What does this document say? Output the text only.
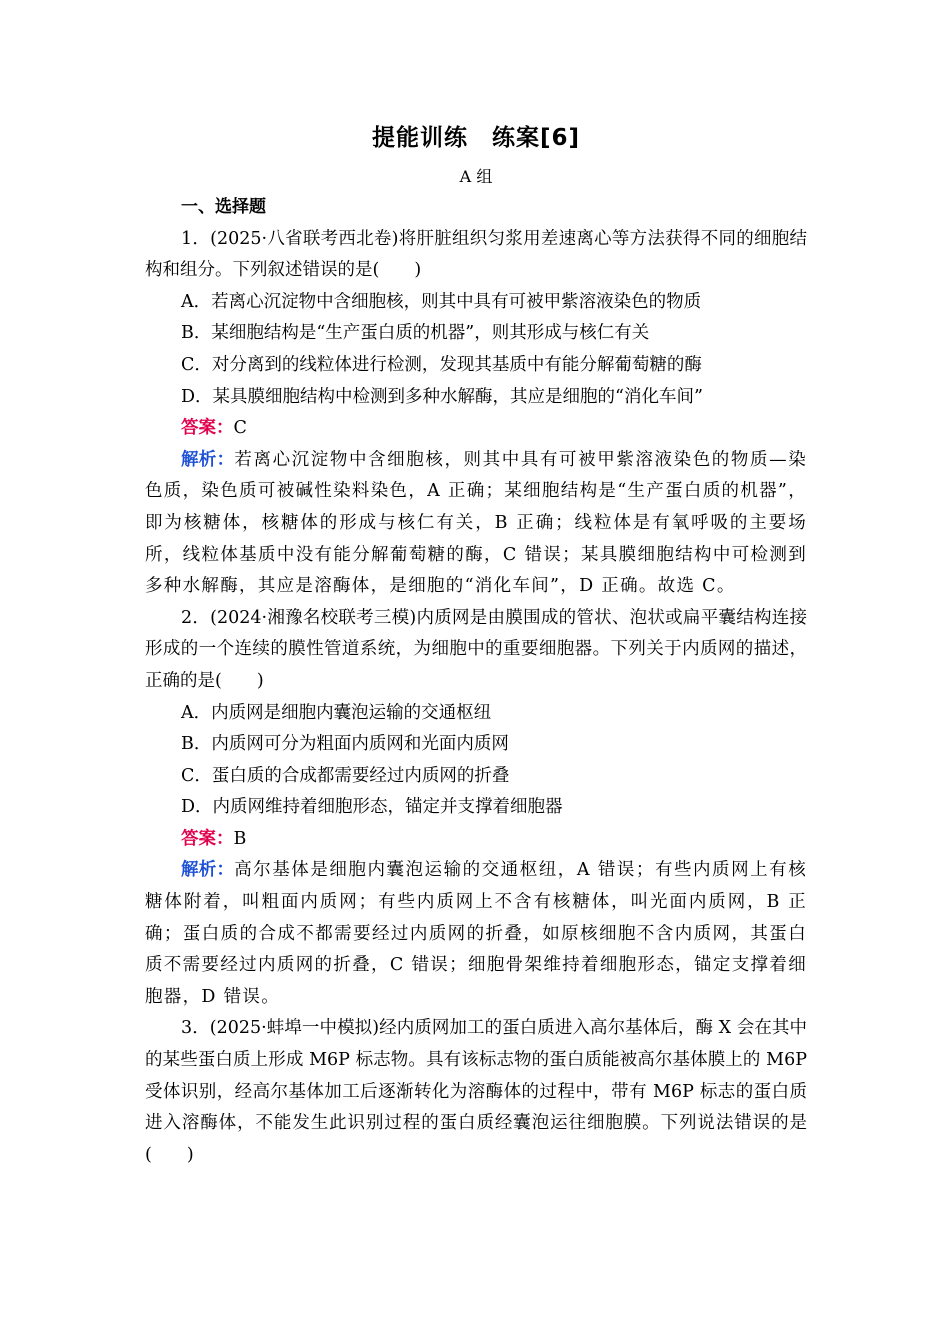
提能训练　练案[6]

A 组

一、选择题

1．(2025·八省联考西北卷)将肝脏组织匀浆用差速离心等方法获得不同的细胞结构和组分。下列叙述错误的是(　　)

A．若离心沉淀物中含细胞核，则其中具有可被甲紫溶液染色的物质

B．某细胞结构是“生产蛋白质的机器”，则其形成与核仁有关

C．对分离到的线粒体进行检测，发现其基质中有能分解葡萄糖的酶

D．某具膜细胞结构中检测到多种水解酶，其应是细胞的“消化车间”

答案：C

解析：若离心沉淀物中含细胞核，则其中具有可被甲紫溶液染色的物质—染色质，染色质可被碱性染料染色，A 正确；某细胞结构是“生产蛋白质的机器”，即为核糖体，核糖体的形成与核仁有关，B 正确；线粒体是有氧呼吸的主要场所，线粒体基质中没有能分解葡萄糖的酶，C 错误；某具膜细胞结构中可检测到多种水解酶，其应是溶酶体，是细胞的“消化车间”，D 正确。故选 C。

2．(2024·湘豫名校联考三模)内质网是由膜围成的管状、泡状或扁平囊结构连接形成的一个连续的膜性管道系统，为细胞中的重要细胞器。下列关于内质网的描述，正确的是(　　)

A．内质网是细胞内囊泡运输的交通枢纽

B．内质网可分为粗面内质网和光面内质网

C．蛋白质的合成都需要经过内质网的折叠

D．内质网维持着细胞形态，锚定并支撑着细胞器

答案：B

解析：高尔基体是细胞内囊泡运输的交通枢纽，A 错误；有些内质网上有核糖体附着，叫粗面内质网；有些内质网上不含有核糖体，叫光面内质网，B 正确；蛋白质的合成不都需要经过内质网的折叠，如原核细胞不含内质网，其蛋白质不需要经过内质网的折叠，C 错误；细胞骨架维持着细胞形态，锚定支撑着细胞器，D 错误。

3．(2025·蚌埠一中模拟)经内质网加工的蛋白质进入高尔基体后，酶 X 会在其中的某些蛋白质上形成 M6P 标志物。具有该标志物的蛋白质能被高尔基体膜上的 M6P 受体识别，经高尔基体加工后逐渐转化为溶酶体的过程中，带有 M6P 标志的蛋白质进入溶酶体，不能发生此识别过程的蛋白质经囊泡运往细胞膜。下列说法错误的是(　　)
